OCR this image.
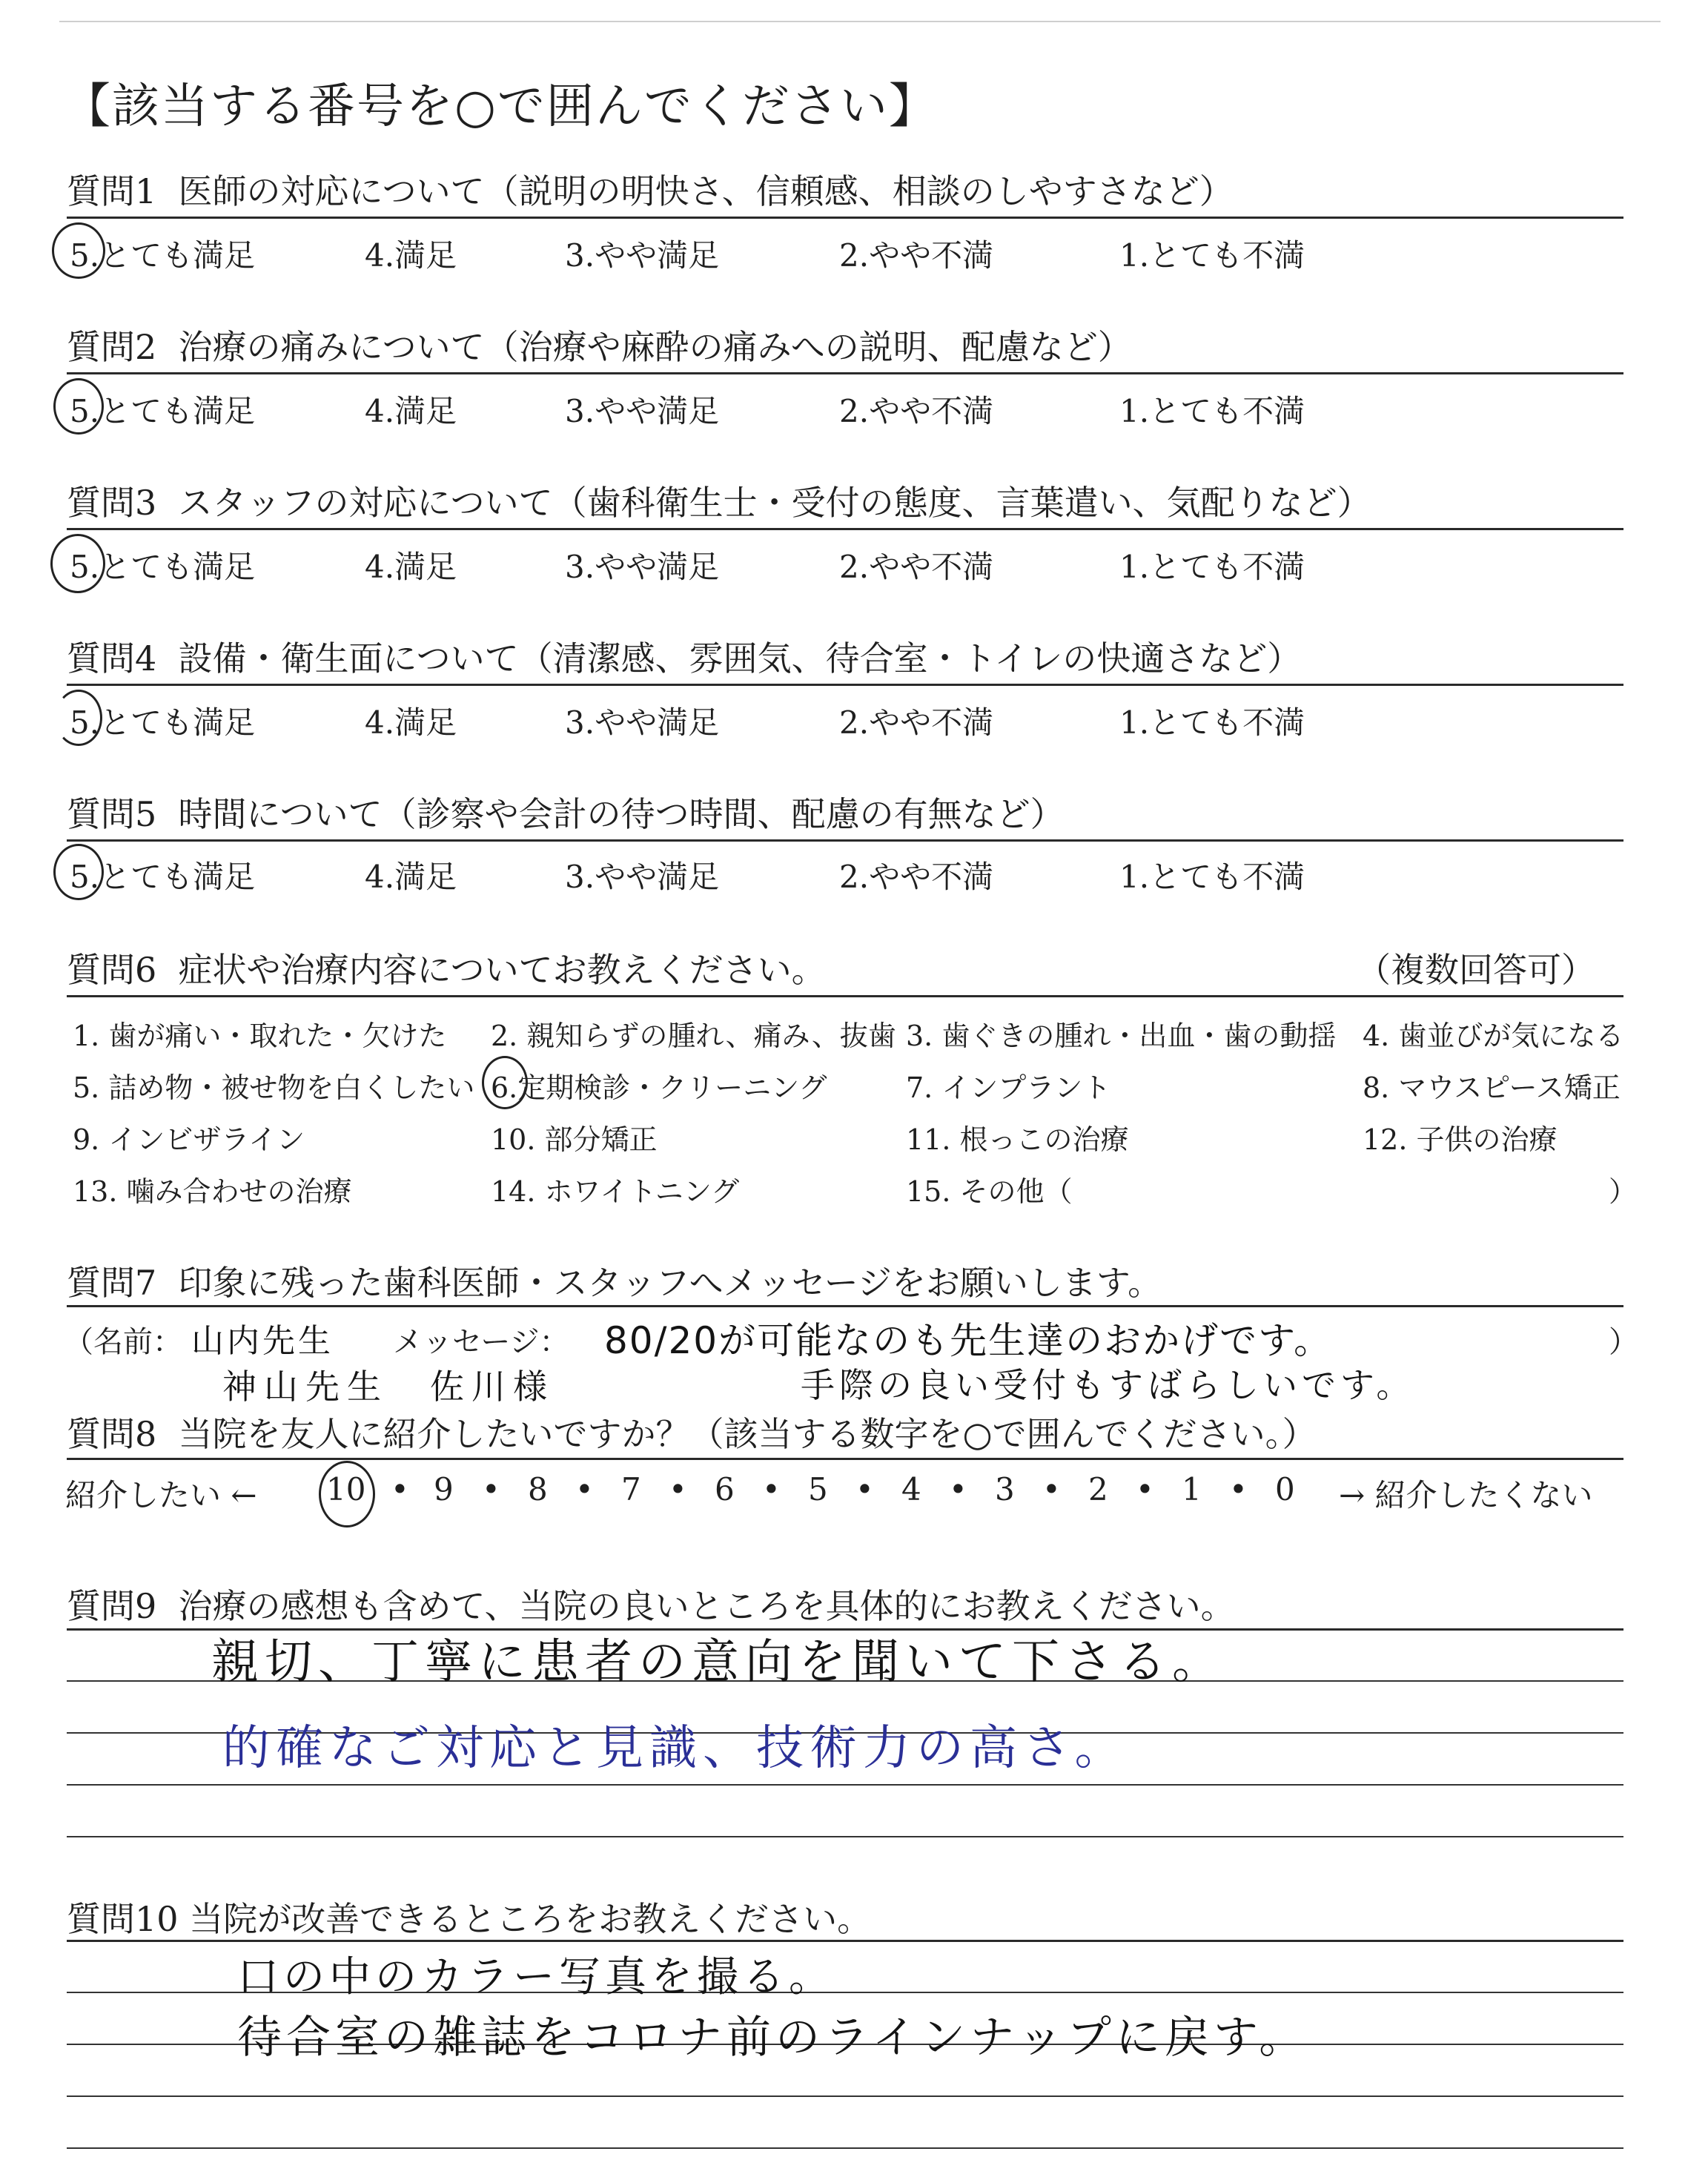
【該当する番号を○で囲んでください】
質問1 医師の対応について（説明の明快さ、信頼感、相談のしやすさなど）
5.とても満足	4.満足	3.やや満足	2.やや不満	1.とても不満
質問2 治療の痛みについて（治療や麻酔の痛みへの説明、配慮など）
5.とても満足	4.満足	3.やや満足	2.やや不満	1.とても不満
質問3 スタッフの対応について（歯科衛生士・受付の態度、言葉遣い、気配りなど）
5.とても満足	4.満足	3.やや満足	2.やや不満	1.とても不満
質問4 設備・衛生面について（清潔感、雰囲気、待合室・トイレの快適さなど）
5.とても満足	4.満足	3.やや満足	2.やや不満	1.とても不満
質問5 時間について（診察や会計の待つ時間、配慮の有無など）
5.とても満足	4.満足	3.やや満足	2.やや不満	1.とても不満
質問6 症状や治療内容についてお教えください。	（複数回答可）
1. 歯が痛い・取れた・欠けた 2. 親知らずの腫れ、痛み、抜歯 3. 歯ぐきの腫れ・出血・歯の動揺 4. 歯並びが気になる
5. 詰め物・被せ物を白くしたい 6.定期検診・クリーニング	7. インプラント	8. マウスピース矯正
9. インビザライン	10. 部分矯正	11. 根っこの治療	12. 子供の治療
13. 噛み合わせの治療	14. ホワイトニング	15. その他（	）
質問7 印象に残った歯科医師・スタッフへメッセージをお願いします。
（名前：	メッセージ：	）
山内先生	80/20が可能なのも先生達のおかげです。
神山先生　佐川様	手際の良い受付もすばらしいです。
質問8 当院を友人に紹介したいですか？（該当する数字を○で囲んでください。）
紹介したい ←	→ 紹介したくない
10 • 9 • 8 • 7 • 6 • 5 • 4 • 3 • 2 • 1 • 0
質問9 治療の感想も含めて、当院の良いところを具体的にお教えください。
親切、丁寧に患者の意向を聞いて下さる。
的確なご対応と見識、技術力の高さ。
質問10 当院が改善できるところをお教えください。
口の中のカラー写真を撮る。
待合室の雑誌をコロナ前のラインナップに戻す。
